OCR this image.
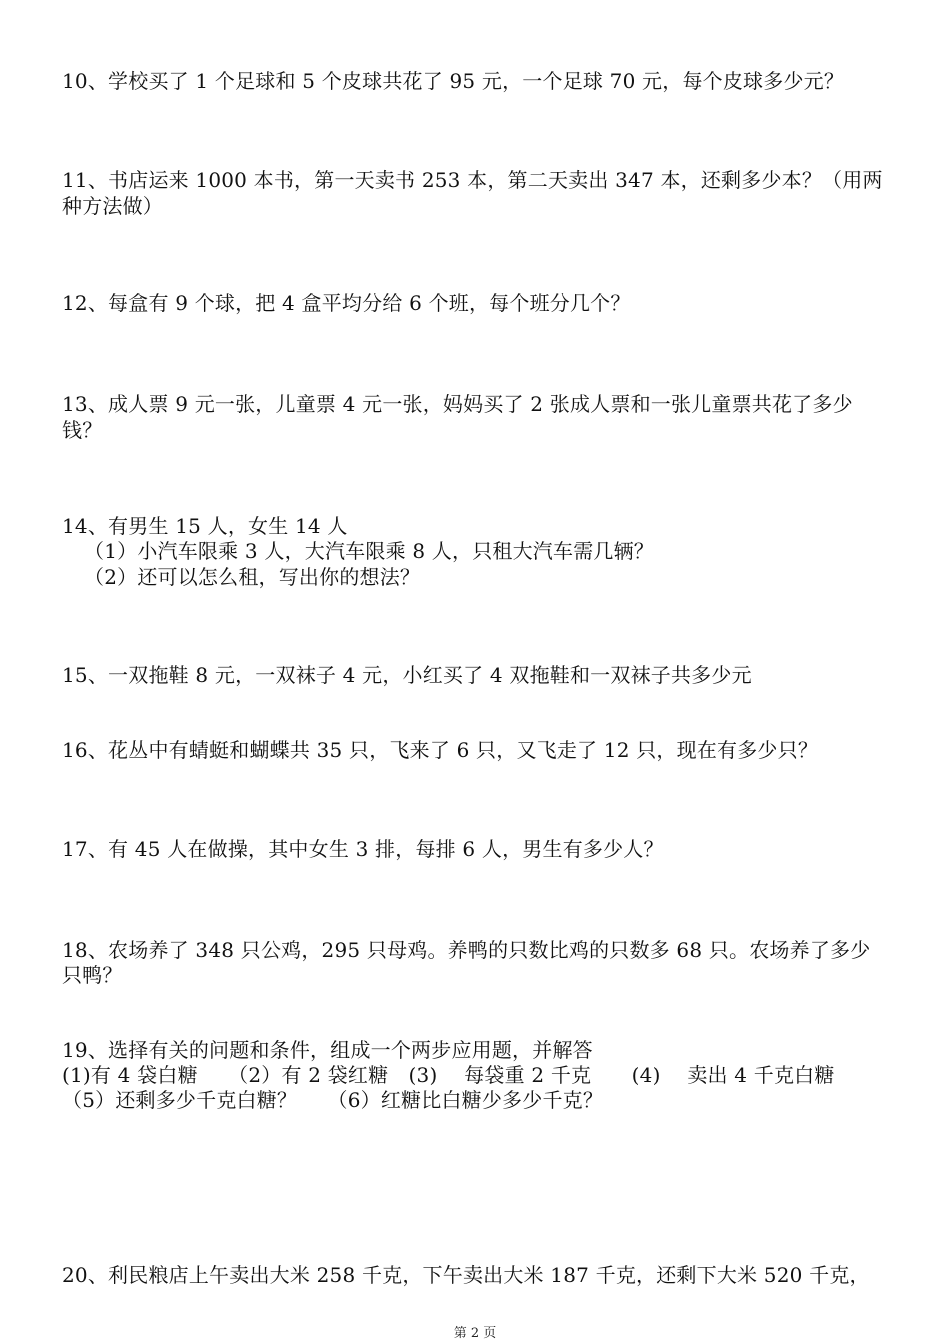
10、学校买了 1 个足球和 5 个皮球共花了 95 元，一个足球 70 元，每个皮球多少元？
11、书店运来 1000 本书，第一天卖书 253 本，第二天卖出 347 本，还剩多少本？（用两
种方法做）
12、每盒有 9 个球，把 4 盒平均分给 6 个班，每个班分几个？
13、成人票 9 元一张，儿童票 4 元一张，妈妈买了 2 张成人票和一张儿童票共花了多少
钱？
14、有男生 15 人，女生 14 人
（1）小汽车限乘 3 人，大汽车限乘 8 人，只租大汽车需几辆？
（2）还可以怎么租，写出你的想法？
15、一双拖鞋 8 元，一双袜子 4 元，小红买了 4 双拖鞋和一双袜子共多少元
16、花丛中有蜻蜓和蝴蝶共 35 只，飞来了 6 只，又飞走了 12 只，现在有多少只？
17、有 45 人在做操，其中女生 3 排，每排 6 人，男生有多少人？
18、农场养了 348 只公鸡，295 只母鸡。养鸭的只数比鸡的只数多 68 只。农场养了多少
只鸭？
19、选择有关的问题和条件，组成一个两步应用题，并解答
(1)有 4 袋白糖　　（2）有 2 袋红糖　(3)　 每袋重 2 千克　　(4)　 卖出 4 千克白糖
（5）还剩多少千克白糖？　　（6）红糖比白糖少多少千克？
20、利民粮店上午卖出大米 258 千克，下午卖出大米 187 千克，还剩下大米 520 千克，
第 2 页
